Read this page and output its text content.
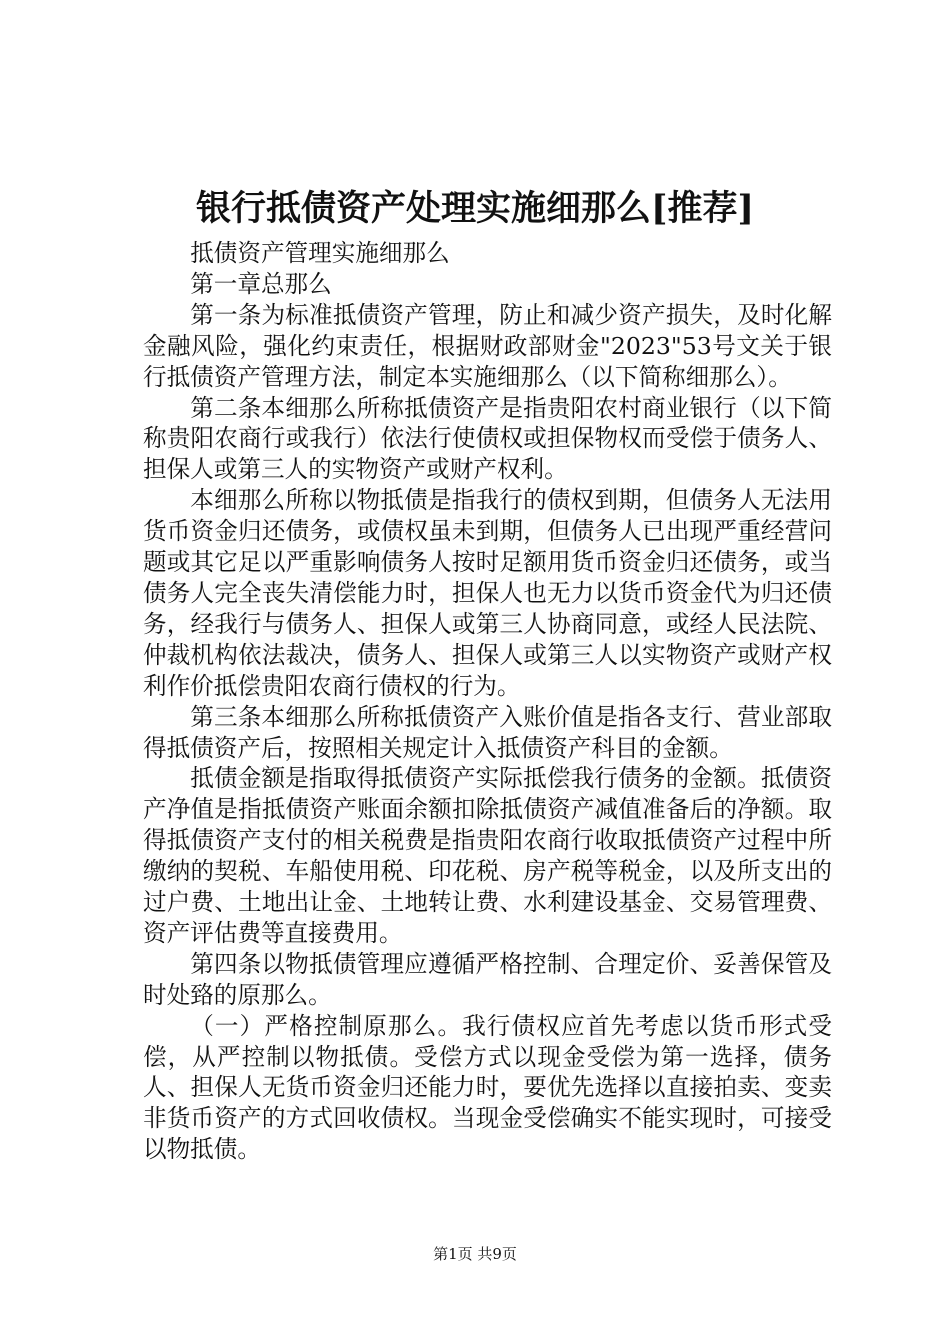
银行抵债资产处理实施细那么[推荐]

抵债资产管理实施细那么

第一章总那么

第一条为标准抵债资产管理，防止和减少资产损失，及时化解金融风险，强化约束责任，根据财政部财金"2023"53号文关于银行抵债资产管理方法，制定本实施细那么（以下简称细那么）。

第二条本细那么所称抵债资产是指贵阳农村商业银行（以下简称贵阳农商行或我行）依法行使债权或担保物权而受偿于债务人、担保人或第三人的实物资产或财产权利。

本细那么所称以物抵债是指我行的债权到期，但债务人无法用货币资金归还债务，或债权虽未到期，但债务人已出现严重经营问题或其它足以严重影响债务人按时足额用货币资金归还债务，或当债务人完全丧失清偿能力时，担保人也无力以货币资金代为归还债务，经我行与债务人、担保人或第三人协商同意，或经人民法院、仲裁机构依法裁决，债务人、担保人或第三人以实物资产或财产权利作价抵偿贵阳农商行债权的行为。

第三条本细那么所称抵债资产入账价值是指各支行、营业部取得抵债资产后，按照相关规定计入抵债资产科目的金额。

抵债金额是指取得抵债资产实际抵偿我行债务的金额。抵债资产净值是指抵债资产账面余额扣除抵债资产减值准备后的净额。取得抵债资产支付的相关税费是指贵阳农商行收取抵债资产过程中所缴纳的契税、车船使用税、印花税、房产税等税金，以及所支出的过户费、土地出让金、土地转让费、水利建设基金、交易管理费、资产评估费等直接费用。

第四条以物抵债管理应遵循严格控制、合理定价、妥善保管及时处臵的原那么。

（一）严格控制原那么。我行债权应首先考虑以货币形式受偿，从严控制以物抵债。受偿方式以现金受偿为第一选择，债务人、担保人无货币资金归还能力时，要优先选择以直接拍卖、变卖非货币资产的方式回收债权。当现金受偿确实不能实现时，可接受以物抵债。

第1页 共9页
